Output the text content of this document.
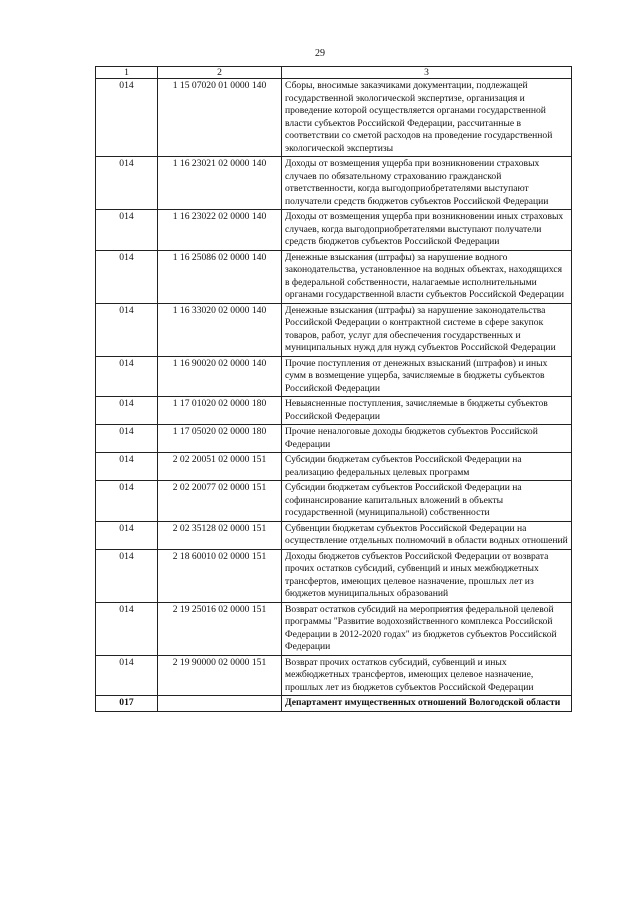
29
1	2	3
014	1 15 07020 01 0000 140	Сборы, вносимые заказчиками документации, подлежащей государственной экологической экспертизе, организация и проведение которой осуществляется органами государственной власти субъектов Российской Федерации, рассчитанные в соответствии со сметой расходов на проведение государственной экологической экспертизы
014	1 16 23021 02 0000 140	Доходы от возмещения ущерба при возникновении страховых случаев по обязательному страхованию гражданской ответственности, когда выгодоприобретателями выступают получатели средств бюджетов субъектов Российской Федерации
014	1 16 23022 02 0000 140	Доходы от возмещения ущерба при возникновении иных страховых случаев, когда выгодоприобретателями выступают получатели средств бюджетов субъектов Российской Федерации
014	1 16 25086 02 0000 140	Денежные взыскания (штрафы) за нарушение водного законодательства, установленное на водных объектах, находящихся в федеральной собственности, налагаемые исполнительными органами государственной власти субъектов Российской Федерации
014	1 16 33020 02 0000 140	Денежные взыскания (штрафы) за нарушение законодательства Российской Федерации о контрактной системе в сфере закупок товаров, работ, услуг для обеспечения государственных и муниципальных нужд для нужд субъектов Российской Федерации
014	1 16 90020 02 0000 140	Прочие поступления от денежных взысканий (штрафов) и иных сумм в возмещение ущерба, зачисляемые в бюджеты субъектов Российской Федерации
014	1 17 01020 02 0000 180	Невыясненные поступления, зачисляемые в бюджеты субъектов Российской Федерации
014	1 17 05020 02 0000 180	Прочие неналоговые доходы бюджетов субъектов Российской Федерации
014	2 02 20051 02 0000 151	Субсидии бюджетам субъектов Российской Федерации на реализацию федеральных целевых программ
014	2 02 20077 02 0000 151	Субсидии бюджетам субъектов Российской Федерации на софинансирование капитальных вложений в объекты государственной (муниципальной) собственности
014	2 02 35128 02 0000 151	Субвенции бюджетам субъектов Российской Федерации на осуществление отдельных полномочий в области водных отношений
014	2 18 60010 02 0000 151	Доходы бюджетов субъектов Российской Федерации от возврата прочих остатков субсидий, субвенций и иных межбюджетных трансфертов, имеющих целевое назначение, прошлых лет из бюджетов муниципальных образований
014	2 19 25016 02 0000 151	Возврат остатков субсидий на мероприятия федеральной целевой программы "Развитие водохозяйственного комплекса Российской Федерации в 2012-2020 годах" из бюджетов субъектов Российской Федерации
014	2 19 90000 02 0000 151	Возврат прочих остатков субсидий, субвенций и иных межбюджетных трансфертов, имеющих целевое назначение, прошлых лет из бюджетов субъектов Российской Федерации
017		Департамент имущественных отношений Вологодской области
